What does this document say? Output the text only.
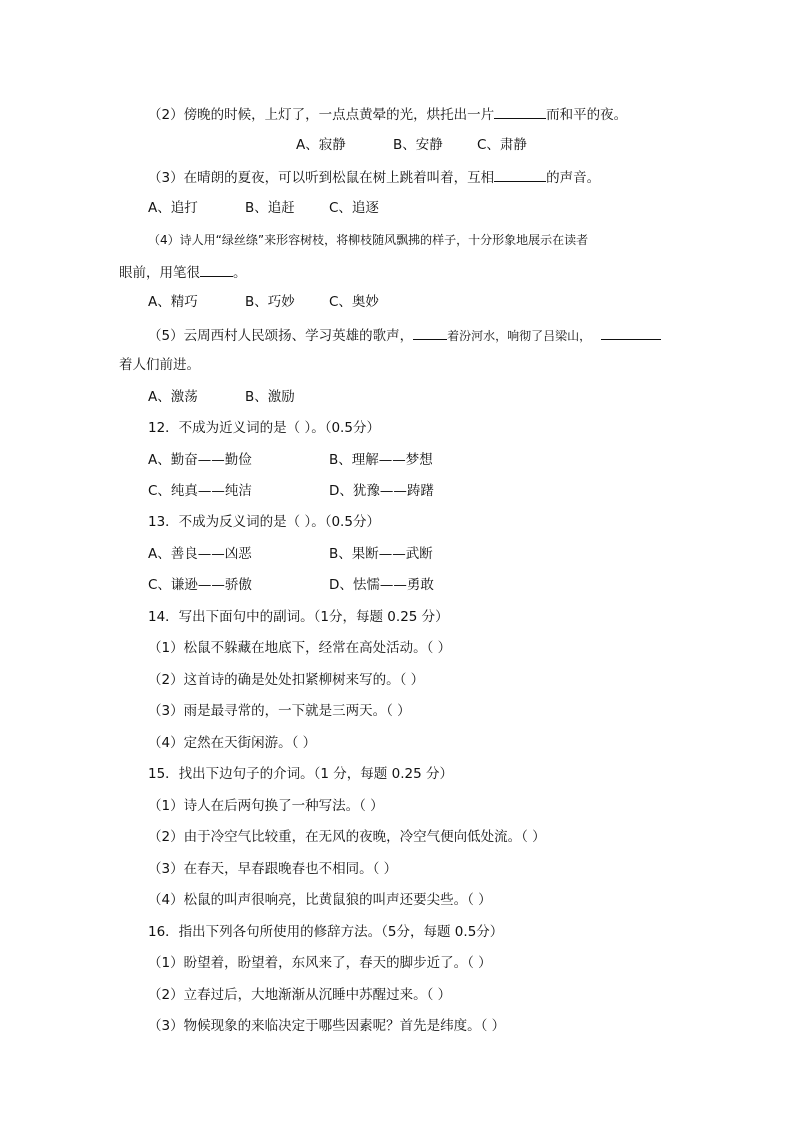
（2）傍晚的时候，上灯了，一点点黄晕的光，烘托出一片	而和平的夜。
A、寂静	B、安静	C、肃静
（3）在晴朗的夏夜，可以听到松鼠在树上跳着叫着，互相	的声音。
A、追打	B、追赶	C、追逐
（4）诗人用“绿丝绦”来形容树枝，将柳枝随风飘拂的样子，十分形象地展示在读者
眼前，用笔很 。
A、精巧	B、巧妙	C、奥妙
（5）云周西村人民颂扬、学习英雄的歌声，	着汾河水，响彻了吕梁山，
着人们前进。
A、激荡	B、激励
12．不成为近义词的是（ ）。（0.5分）
A、勤奋——勤俭	B、理解——梦想
C、纯真——纯洁	D、犹豫——踌躇
13．不成为反义词的是（ ）。（0.5分）
A、善良——凶恶	B、果断——武断
C、谦逊——骄傲	D、怯懦——勇敢
14．写出下面句中的副词。（1分，每题 0.25 分）
（1）松鼠不躲藏在地底下，经常在高处活动。（ ）
（2）这首诗的确是处处扣紧柳树来写的。（ ）
（3）雨是最寻常的，一下就是三两天。（ ）
（4）定然在天街闲游。（ ）
15．找出下边句子的介词。（1 分，每题 0.25 分）
（1）诗人在后两句换了一种写法。（ ）
（2）由于冷空气比较重，在无风的夜晚，冷空气便向低处流。（ ）
（3）在春天，早春跟晚春也不相同。（ ）
（4）松鼠的叫声很响亮，比黄鼠狼的叫声还要尖些。（ ）
16．指出下列各句所使用的修辞方法。（5分，每题 0.5分）
（1）盼望着，盼望着，东风来了，春天的脚步近了。（ ）
（2）立春过后，大地渐渐从沉睡中苏醒过来。（ ）
（3）物候现象的来临决定于哪些因素呢？首先是纬度。（ ）
